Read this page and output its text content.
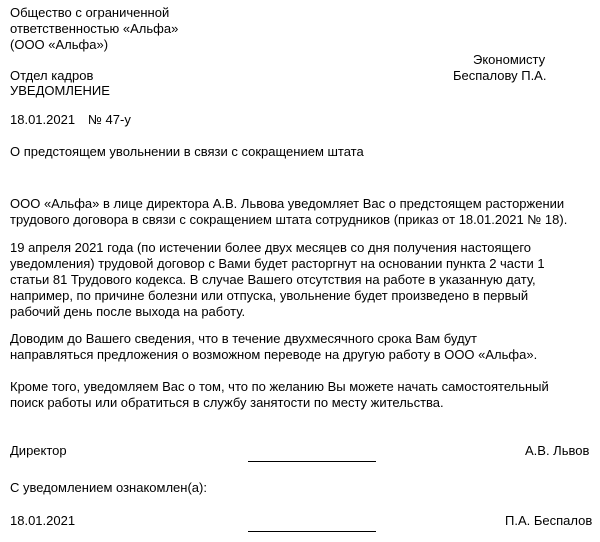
Общество с ограниченной
ответственностью «Альфа»
(ООО «Альфа»)
Экономисту
Беспалову П.А.
Отдел кадров
УВЕДОМЛЕНИЕ
18.01.2021 № 47-у
О предстоящем увольнении в связи с сокращением штата
ООО «Альфа» в лице директора А.В. Львова уведомляет Вас о предстоящем расторжении
трудового договора в связи с сокращением штата сотрудников (приказ от 18.01.2021 № 18).
19 апреля 2021 года (по истечении более двух месяцев со дня получения настоящего
уведомления) трудовой договор с Вами будет расторгнут на основании пункта 2 части 1
статьи 81 Трудового кодекса. В случае Вашего отсутствия на работе в указанную дату,
например, по причине болезни или отпуска, увольнение будет произведено в первый
рабочий день после выхода на работу.
Доводим до Вашего сведения, что в течение двухмесячного срока Вам будут
направляться предложения о возможном переводе на другую работу в ООО «Альфа».
Кроме того, уведомляем Вас о том, что по желанию Вы можете начать самостоятельный
поиск работы или обратиться в службу занятости по месту жительства.
Директор	А.В. Львов
С уведомлением ознакомлен(а):
18.01.2021	П.А. Беспалов
